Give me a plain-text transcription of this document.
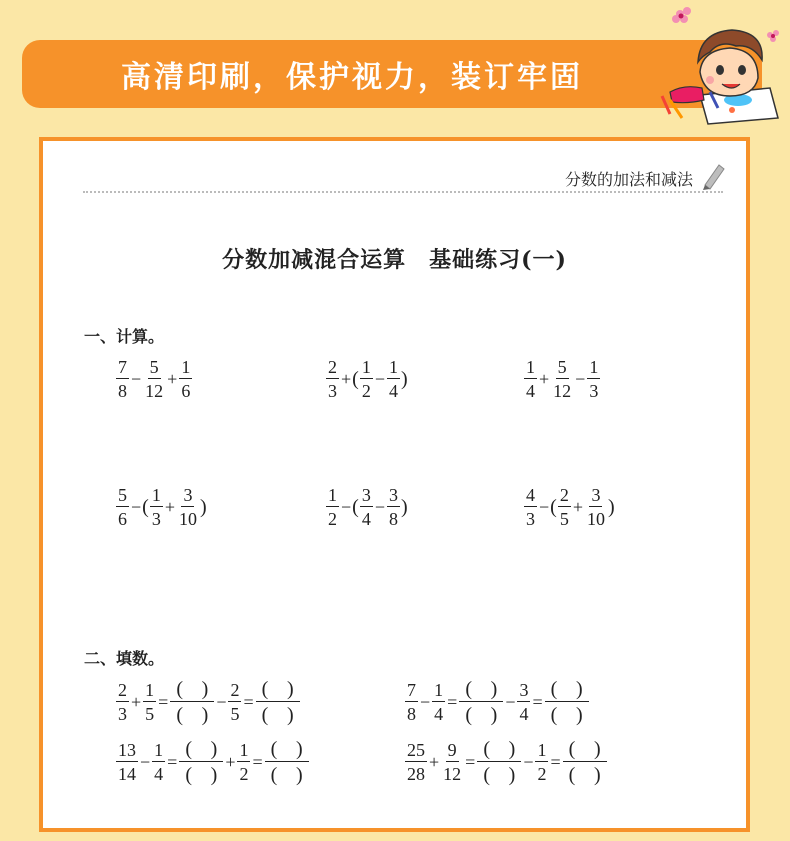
高清印刷，保护视力，装订牢固
分数的加法和减法
分数加减混合运算　基础练习(一)
一、计算。
二、填数。
$\frac{7}{8} - \frac{5}{12} + \frac{1}{6}$	$\frac{2}{3}$ + ( $\frac{1}{2} - \frac{1}{4}$ )	$\frac{1}{4} + \frac{5}{12} - \frac{1}{3}$
$\frac{5}{6}$ − ( $\frac{1}{3} + \frac{3}{10}$ )	$\frac{1}{2}$ − ( $\frac{3}{4} - \frac{3}{8}$ )	$\frac{4}{3}$ − ( $\frac{2}{5} + \frac{3}{10}$ )
$\frac{2}{3} + \frac{1}{5} = \frac{( )}{( )} - \frac{2}{5} = \frac{( )}{( )}$	$\frac{7}{8} - \frac{1}{4} = \frac{( )}{( )} - \frac{3}{4} = \frac{( )}{( )}$
$\frac{13}{14} - \frac{1}{4} = \frac{( )}{( )} + \frac{1}{2} = \frac{( )}{( )}$	$\frac{25}{28} + \frac{9}{12} = \frac{( )}{( )} - \frac{1}{2} = \frac{( )}{( )}$
